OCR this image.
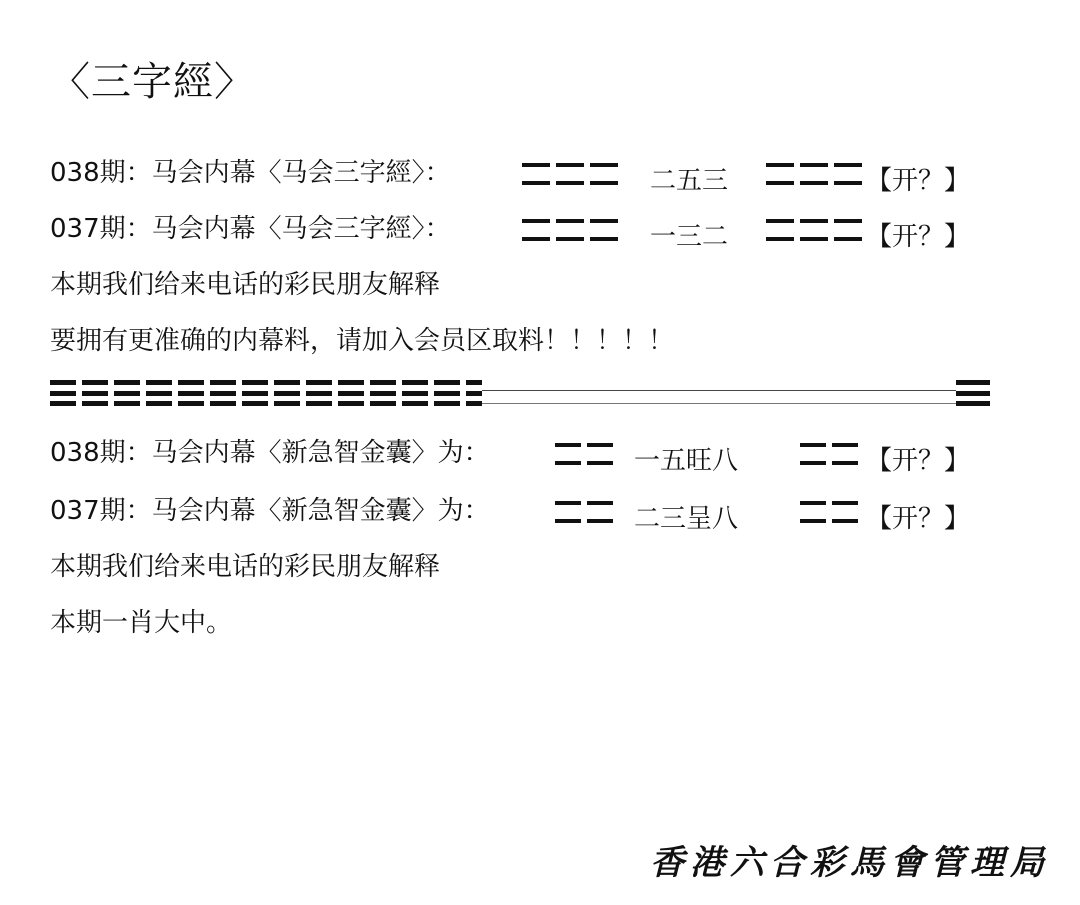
〈三字經〉
038期：马会内幕〈马会三字經〉：	二五三	【开？】
037期：马会内幕〈马会三字經〉：	一三二	【开？】
本期我们给来电话的彩民朋友解释
要拥有更准确的内幕料，请加入会员区取料！！！！！
038期：马会内幕〈新急智金囊〉为：	一五旺八	【开？】
037期：马会内幕〈新急智金囊〉为：	二三呈八	【开？】
本期我们给来电话的彩民朋友解释
本期一肖大中。
香港六合彩馬會管理局
